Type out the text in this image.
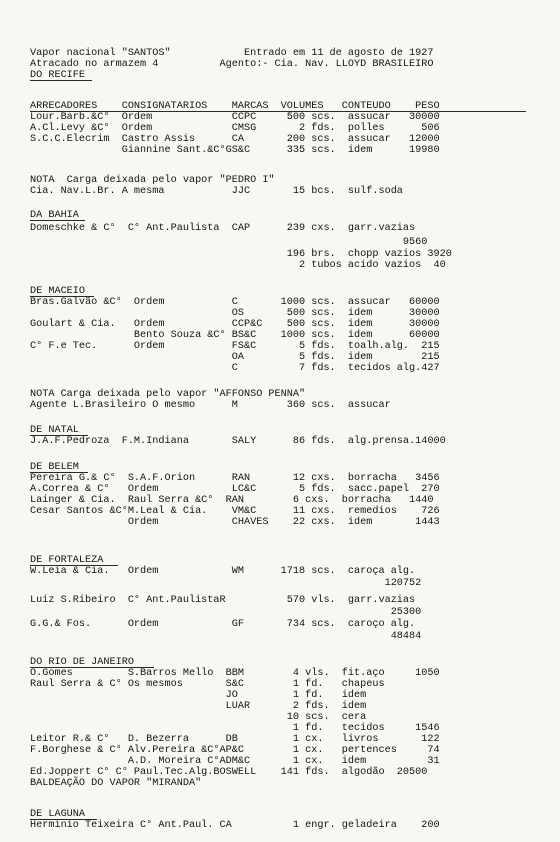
Vapor nacional "SANTOS"            Entrado em 11 de agosto de 1927
Atracado no armazem 4          Agento:- Cia. Nav. LLOYD BRASILEIRO
DO RECIFE
ARRECADORES    CONSIGNATARIOS    MARCAS  VOLUMES   CONTEUDO    PESO
Lour.Barb.&C°  Ordem             CCPC     500 scs.  assucar   30000
A.Cl.Levy &C°  Ordem             CMSG       2 fds.  polles      506
S.C.C.Elecrim  Castro Assis      CA       200 scs.  assucar   12000
Giannine Sant.&C°GS&C      335 scs.  idem      19980
NOTA  Carga deixada pelo vapor "PEDRO I"
Cia. Nav.L.Br. A mesma           JJC       15 bcs.  sulf.soda
DA BAHIA
Domeschke & C°  C° Ant.Paulista  CAP      239 cxs.  garr.vazias
9560
196 brs.  chopp vazios 3920
2 tubos acido vazios  40
DE MACEIO
Bras.Galvão &C°  Ordem           C       1000 scs.  assucar   60000
OS       500 scs.  idem      30000
Goulart & Cia.   Ordem           CCP&C    500 scs.  idem      30000
Bento Souza &C° BS&C    1000 scs.  idem      60000
C° F.e Tec.      Ordem           FS&C       5 fds.  toalh.alg.  215
OA         5 fds.  idem        215
C          7 fds.  tecidos alg.427
NOTA Carga deixada pelo vapor "AFFONSO PENNA"
Agente L.Brasileiro O mesmo      M        360 scs.  assucar
DE NATAL
J.A.F.Pedroza  F.M.Indiana       SALY      86 fds.  alg.prensa.14000
DE BELEM
Pereira G.& C°  S.A.F.Orion      RAN       12 cxs.  borracha   3456
A.Correa & C°   Ordem            LC&C       5 fds.  sacc.papel  270
Lainger & Cia.  Raul Serra &C°  RAN        6 cxs.  borracha   1440
Cesar Santos &C°M.Leal & Cia.    VM&C      11 cxs.  remedios    726
Ordem            CHAVES    22 cxs.  idem       1443
DE FORTALEZA
W.Leia & Cia.   Ordem            WM      1718 scs.  caroça alg.
120752
Luiz S.Ribeiro  C° Ant.PaulistaR          570 vls.  garr.vazias
25300
G.G.& Fos.      Ordem            GF       734 scs.  caroço alg.
48484
DO RIO DE JANEIRO
O.Gomes         S.Barros Mello  BBM        4 vls.  fit.aço     1050
Raul Serra & C° Os mesmos       S&C        1 fd.   chapeus
JO         1 fd.   idem
LUAR       2 fds.  idem
10 scs.  cera
1 fd.   tecidos     1546
Leitor R.& C°   D. Bezerra      DB         1 cx.   livros       122
F.Borghese & C° Alv.Pereira &C°AP&C        1 cx.   pertences     74
A.D. Moreira C°ADM&C       1 cx.   idem          31
Ed.Joppert C° C° Paul.Tec.Alg.BOSWELL    141 fds.  algodão  20500
BALDEAÇÃO DO VAPOR "MIRANDA"
DE LAGUNA
Herminio Teixeira C° Ant.Paul. CA          1 engr. geladeira    200
